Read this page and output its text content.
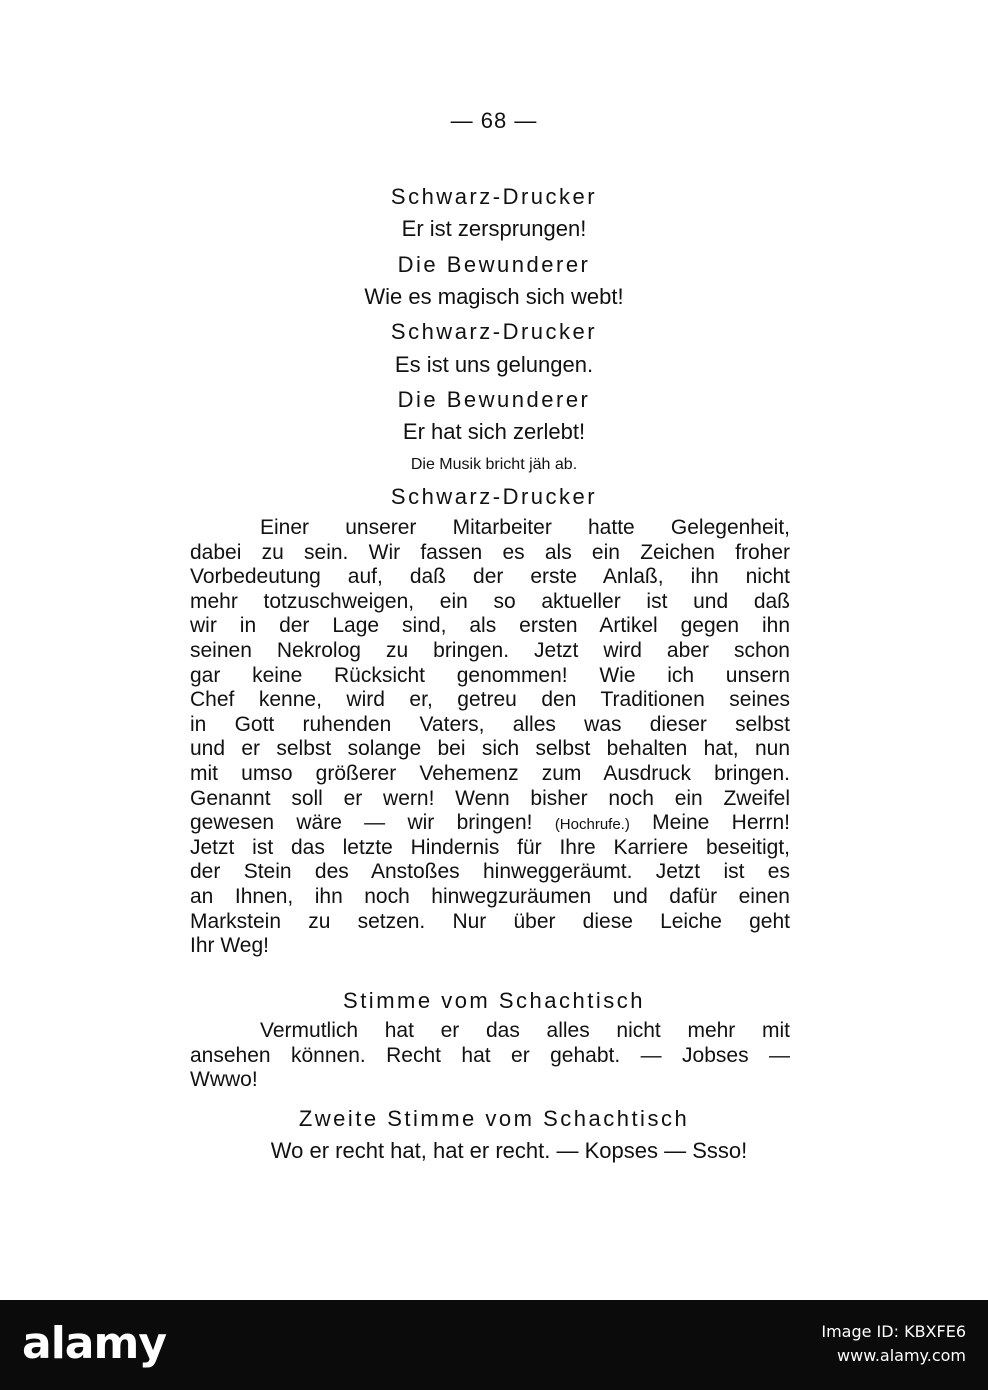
— 68 —
Schwarz-Drucker
Er ist zersprungen!
Die Bewunderer
Wie es magisch sich webt!
Schwarz-Drucker
Es ist uns gelungen.
Die Bewunderer
Er hat sich zerlebt!
Die Musik bricht jäh ab.
Schwarz-Drucker
Einer unserer Mitarbeiter hatte Gelegenheit,
dabei zu sein. Wir fassen es als ein Zeichen froher
Vorbedeutung auf, daß der erste Anlaß, ihn nicht
mehr totzuschweigen, ein so aktueller ist und daß
wir in der Lage sind, als ersten Artikel gegen ihn
seinen Nekrolog zu bringen. Jetzt wird aber schon
gar keine Rücksicht genommen! Wie ich unsern
Chef kenne, wird er, getreu den Traditionen seines
in Gott ruhenden Vaters, alles was dieser selbst
und er selbst solange bei sich selbst behalten hat, nun
mit umso größerer Vehemenz zum Ausdruck bringen.
Genannt soll er wern! Wenn bisher noch ein Zweifel
gewesen wäre — wir bringen! (Hochrufe.) Meine Herrn!
Jetzt ist das letzte Hindernis für Ihre Karriere beseitigt,
der Stein des Anstoßes hinweggeräumt. Jetzt ist es
an Ihnen, ihn noch hinwegzuräumen und dafür einen
Markstein zu setzen. Nur über diese Leiche geht
Ihr Weg!
Stimme vom Schachtisch
Vermutlich hat er das alles nicht mehr mit
ansehen können. Recht hat er gehabt. — Jobses —
Wwwo!
Zweite Stimme vom Schachtisch
Wo er recht hat, hat er recht. — Kopses — Ssso!
alamy	Image ID: KBXFE6
www.alamy.com
